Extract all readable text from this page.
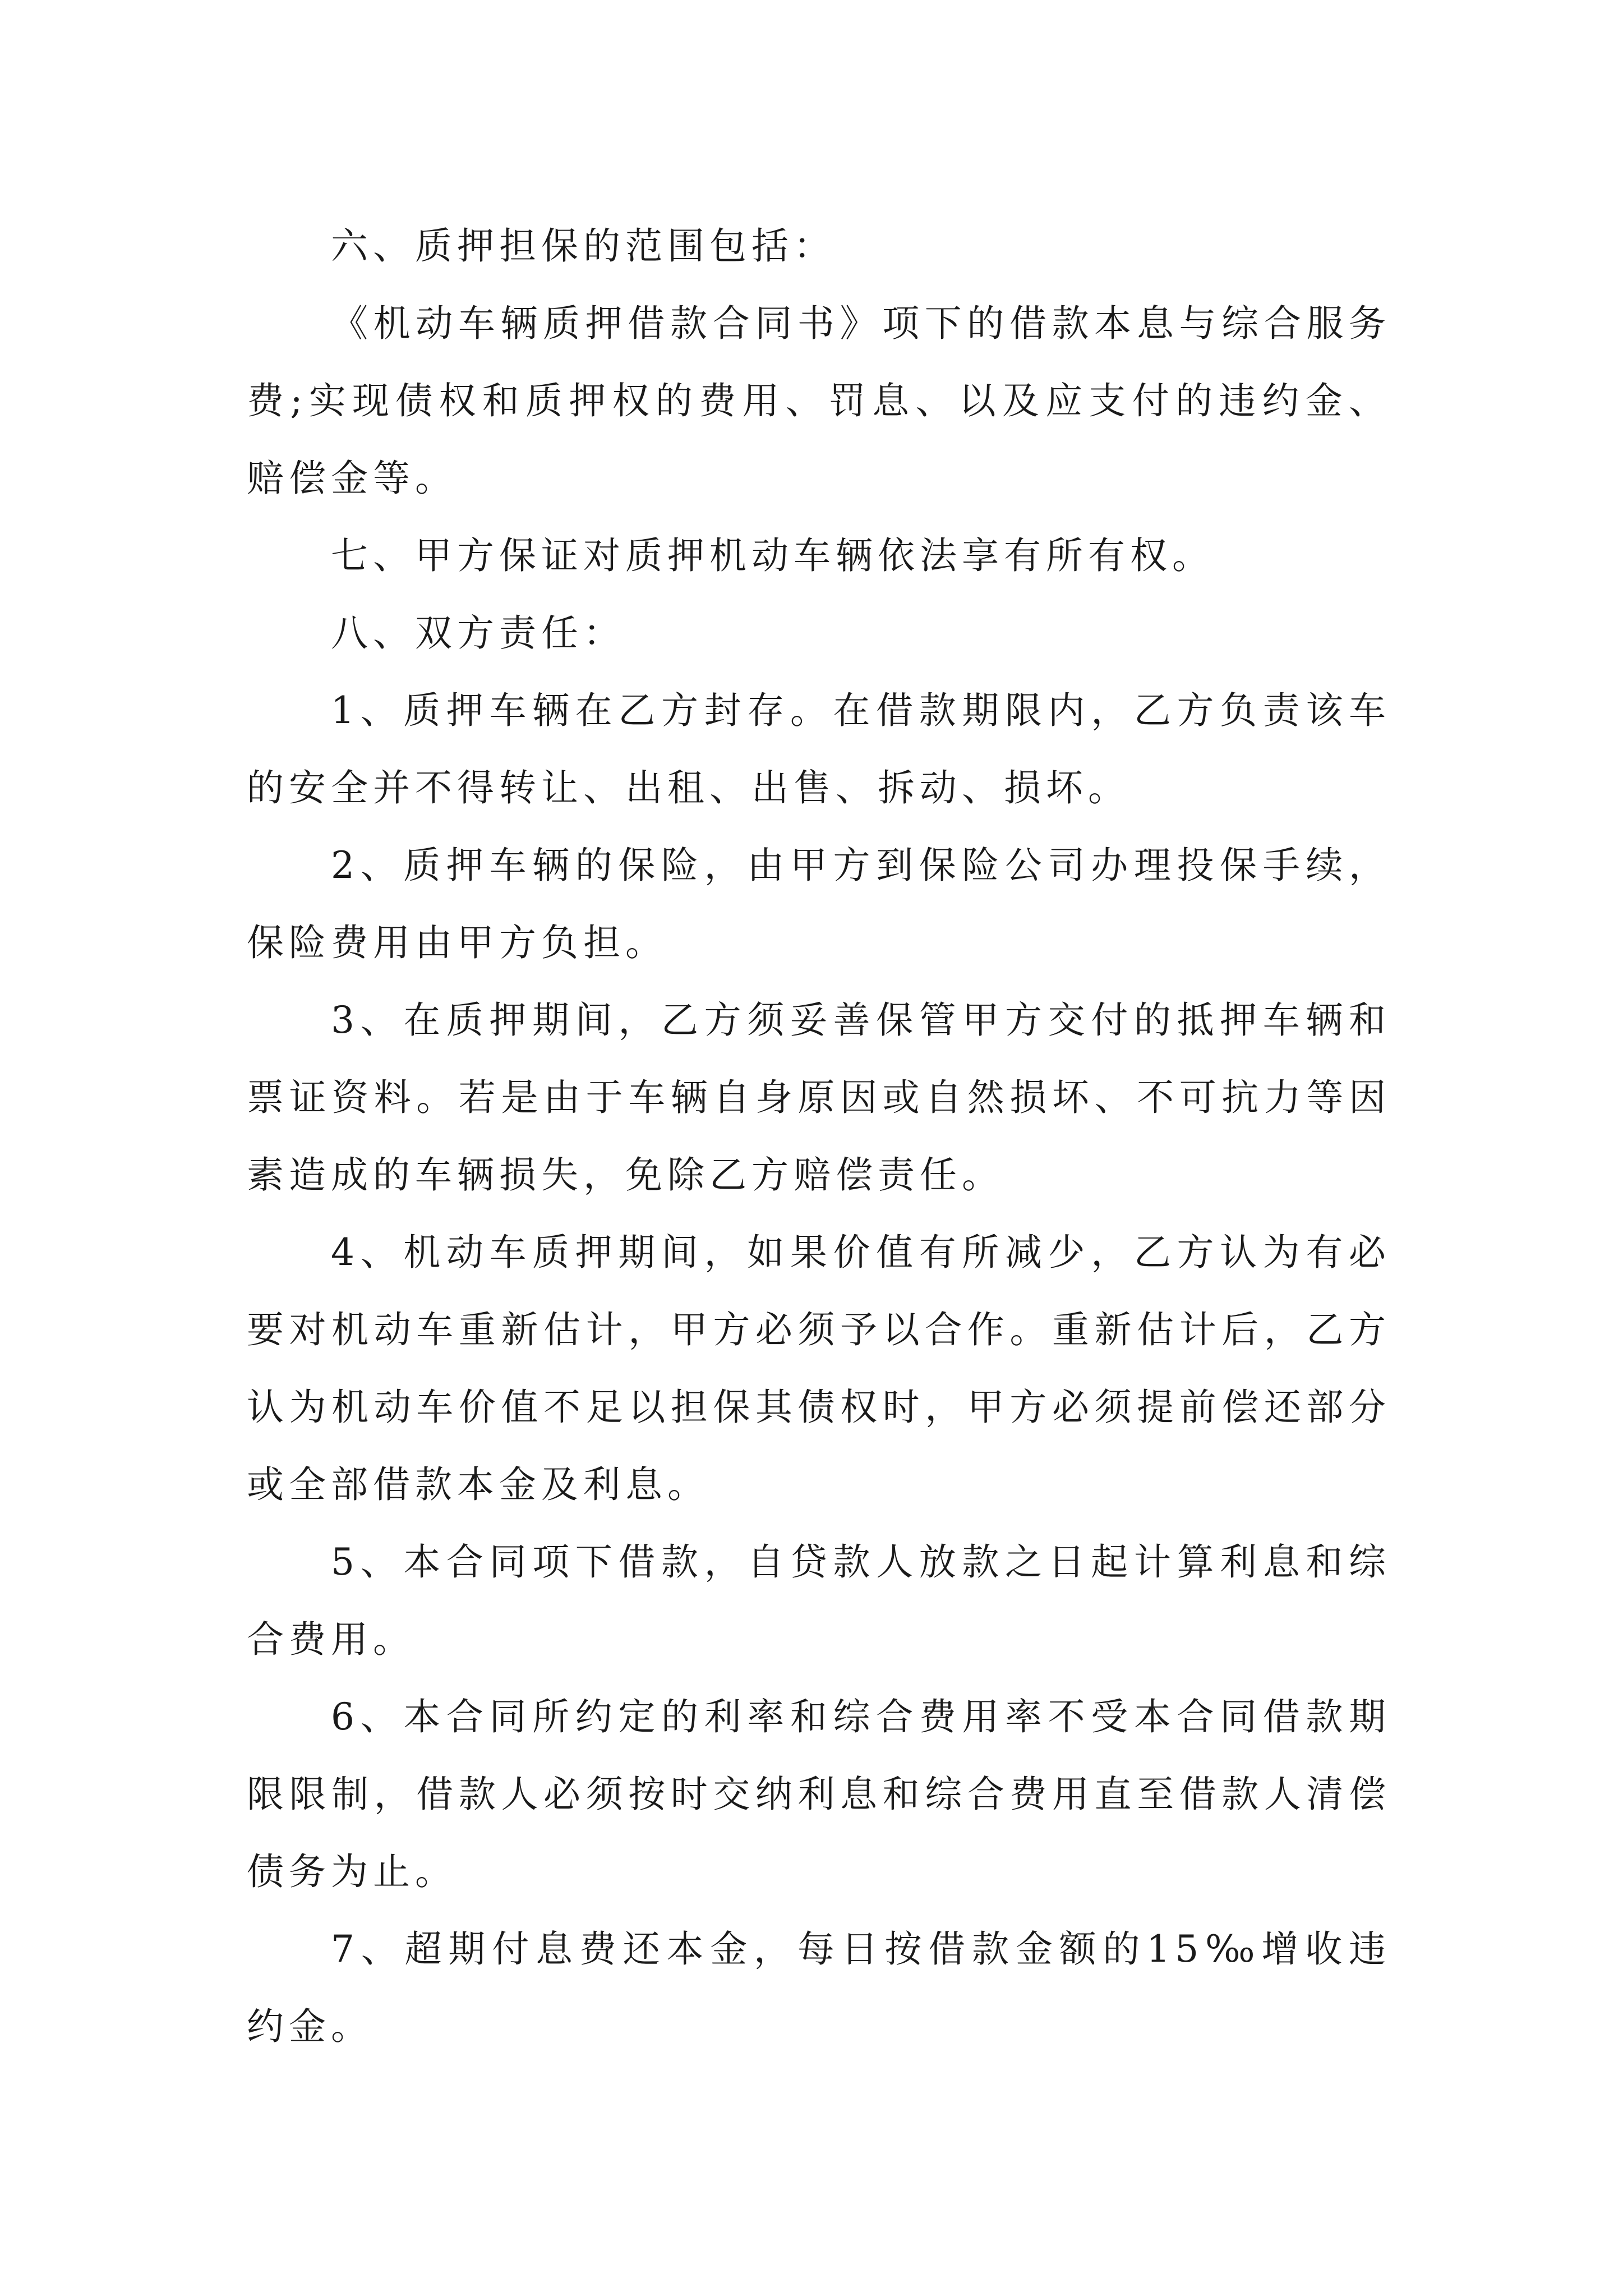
六、质押担保的范围包括：

《机动车辆质押借款合同书》项下的借款本息与综合服务费;实现债权和质押权的费用、罚息、以及应支付的违约金、赔偿金等。

七、甲方保证对质押机动车辆依法享有所有权。

八、双方责任：

1、质押车辆在乙方封存。在借款期限内，乙方负责该车的安全并不得转让、出租、出售、拆动、损坏。

2、质押车辆的保险，由甲方到保险公司办理投保手续，保险费用由甲方负担。

3、在质押期间，乙方须妥善保管甲方交付的抵押车辆和票证资料。若是由于车辆自身原因或自然损坏、不可抗力等因素造成的车辆损失，免除乙方赔偿责任。

4、机动车质押期间，如果价值有所减少，乙方认为有必要对机动车重新估计，甲方必须予以合作。重新估计后，乙方认为机动车价值不足以担保其债权时，甲方必须提前偿还部分或全部借款本金及利息。

5、本合同项下借款，自贷款人放款之日起计算利息和综合费用。

6、本合同所约定的利率和综合费用率不受本合同借款期限限制，借款人必须按时交纳利息和综合费用直至借款人清偿债务为止。

7、超期付息费还本金，每日按借款金额的15‰增收违约金。
